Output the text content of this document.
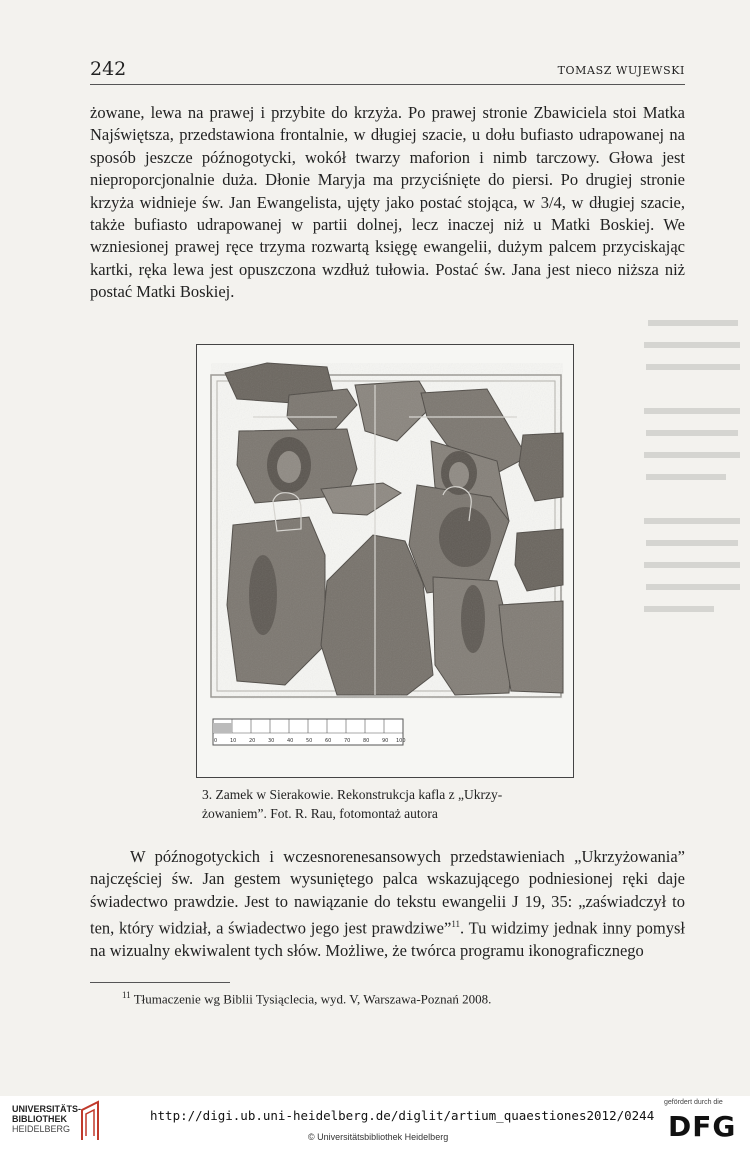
242	TOMASZ WUJEWSKI

żowane, lewa na prawej i przybite do krzyża. Po prawej stronie Zbawiciela stoi Matka Najświętsza, przedstawiona frontalnie, w długiej szacie, u dołu bufiasto udrapowanej na sposób jeszcze późnogotycki, wokół twarzy maforion i nimb tarczowy. Głowa jest nieproporcjonalnie duża. Dłonie Maryja ma przyciśnięte do piersi. Po drugiej stronie krzyża widnieje św. Jan Ewangelista, ujęty jako postać stojąca, w 3/4, w długiej szacie, także bufiasto udrapowanej w partii dolnej, lecz inaczej niż u Matki Boskiej. We wzniesionej prawej ręce trzyma rozwartą księgę ewangelii, dużym palcem przyciskając kartki, ręka lewa jest opuszczona wzdłuż tułowia. Postać św. Jana jest nieco niższa niż postać Matki Boskiej.

0	10	20	30	40	50	60	70	80	90 100

3. Zamek w Sierakowie. Rekonstrukcja kafla z „Ukrzy-
żowaniem”. Fot. R. Rau, fotomontaż autora

W późnogotyckich i wczesnorenesansowych przedstawieniach „Ukrzyżowania” najczęściej św. Jan gestem wysuniętego palca wskazującego podniesionej ręki daje świadectwo prawdzie. Jest to nawiązanie do tekstu ewangelii J 19, 35: „zaświadczył to ten, który widział, a świadectwo jego jest prawdziwe”$^{11}$. Tu widzimy jednak inny pomysł na wizualny ekwiwalent tych słów. Możliwe, że twórca programu ikonograficznego

$^{11}$ Tłumaczenie wg Biblii Tysiąclecia, wyd. V, Warszawa-Poznań 2008.

UNIVERSITÄTS-
BIBLIOTHEK
HEIDELBERG
http://digi.ub.uni-heidelberg.de/diglit/artium_quaestiones2012/0244
© Universitätsbibliothek Heidelberg
gefördert durch die
DFG
